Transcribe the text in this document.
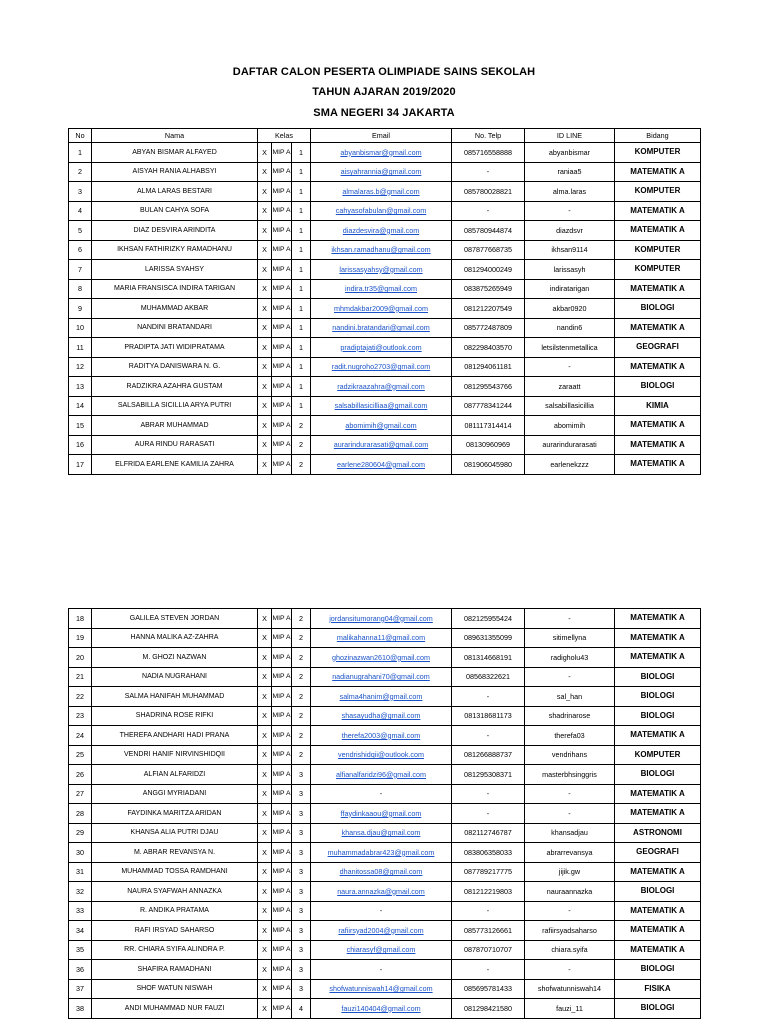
DAFTAR CALON PESERTA OLIMPIADE SAINS SEKOLAH
TAHUN AJARAN 2019/2020
SMA NEGERI 34 JAKARTA
No	Nama	Kelas			Email	No. Telp	ID LINE	Bidang
1	ABYAN BISMAR ALFAYED	X	MIP A	1	abyanbismar@gmail.com	085716558888	abyanbismar	KOMPUTER
2	AISYAH RANIA ALHABSYI	X	MIP A	1	aisyahrannia@gmail.com	-	raniaa5	MATEMATIK A
3	ALMA LARAS BESTARI	X	MIP A	1	almalaras.b@gmail.com	085780028821	alma.laras	KOMPUTER
4	BULAN CAHYA SOFA	X	MIP A	1	cahyasofabulan@gmail.com	-	-	MATEMATIK A
5	DIAZ DESVIRA ARINDITA	X	MIP A	1	diazdesvira@gmail.com	085780944874	diazdsvr	MATEMATIK A
6	IKHSAN FATHIRIZKY RAMADHANU	X	MIP A	1	ikhsan.ramadhanu@gmail.com	087877668735	ikhsan9114	KOMPUTER
7	LARISSA SYAHSY	X	MIP A	1	larissasyahsy@gmail.com	081294000249	larissasyh	KOMPUTER
8	MARIA FRANSISCA INDIRA TARIGAN	X	MIP A	1	indira.tr35@gmail.com	083875265949	indiratarigan	MATEMATIK A
9	MUHAMMAD AKBAR	X	MIP A	1	mhmdakbar2009@gmail.com	081212207549	akbar0920	BIOLOGI
10	NANDINI BRATANDARI	X	MIP A	1	nandini.bratandari@gmail.com	085772487809	nandin6	MATEMATIK A
11	PRADIPTA JATI WIDIPRATAMA	X	MIP A	1	pradiptajati@outlook.com	082298403570	letsilstenmetallica	GEOGRAFI
12	RADITYA DANISWARA N. G.	X	MIP A	1	radit.nugroho2703@gmail.com	081294061181	-	MATEMATIK A
13	RADZIKRA AZAHRA GUSTAM	X	MIP A	1	radzikraazahra@gmail.com	081295543766	zaraatt	BIOLOGI
14	SALSABILLA SICILLIA ARYA PUTRI	X	MIP A	1	salsabillasicilliaa@gmail.com	087778341244	salsabillasicillia	KIMIA
15	ABRAR MUHAMMAD	X	MIP A	2	abomimih@gmail.com	081117314414	abomimih	MATEMATIK A
16	AURA RINDU RARASATI	X	MIP A	2	aurarindurarasati@gmail.com	08130960969	aurarindurarasati	MATEMATIK A
17	ELFRIDA EARLENE KAMILIA ZAHRA	X	MIP A	2	earlene280604@gmail.com	081906045980	earlenekzzz	MATEMATIK A
18	GALILEA STEVEN JORDAN	X	MIP A	2	jordansitumorang04@gmail.com	082125955424	-	MATEMATIK A
19	HANNA MALIKA AZ-ZAHRA	X	MIP A	2	malikahanna11@gmail.com	089631355099	sitimellyna	MATEMATIK A
20	M. GHOZI NAZWAN	X	MIP A	2	ghozinazwan2610@gmail.com	081314668191	radigholu43	MATEMATIK A
21	NADIA NUGRAHANI	X	MIP A	2	nadianugrahani70@gmail.com	08568322621	-	BIOLOGI
22	SALMA HANIFAH MUHAMMAD	X	MIP A	2	salma4hanim@gmail.com	-	sal_han	BIOLOGI
23	SHADRINA ROSE RIFKI	X	MIP A	2	shasayudha@gmail.com	081318681173	shadrinarose	BIOLOGI
24	THEREFA ANDHARI HADI PRANA	X	MIP A	2	therefa2003@gmail.com	-	therefa03	MATEMATIK A
25	VENDRI HANIF NIRVINSHIDQII	X	MIP A	2	vendrishidqii@outlook.com	081266888737	vendrihans	KOMPUTER
26	ALFIAN ALFARIDZI	X	MIP A	3	alfianalfaridzi96@gmail.com	081295308371	masterbhsinggris	BIOLOGI
27	ANGGI MYRIADANI	X	MIP A	3	-	-	-	MATEMATIK A
28	FAYDINKA MARITZA ARIDAN	X	MIP A	3	ffaydinkaaou@gmail.com	-	-	MATEMATIK A
29	KHANSA ALIA PUTRI DJAU	X	MIP A	3	khansa.djau@gmail.com	082112746787	khansadjau	ASTRONOMI
30	M. ABRAR REVANSYA N.	X	MIP A	3	muhammadabrar423@gmail.com	083806358033	abrarrevansya	GEOGRAFI
31	MUHAMMAD TOSSA RAMDHANI	X	MIP A	3	dhanitossa08@gmail.com	087789217775	jijik.gw	MATEMATIK A
32	NAURA SYAFWAH ANNAZKA	X	MIP A	3	naura.annazka@gmail.com	081212219803	nauraannazka	BIOLOGI
33	R. ANDIKA PRATAMA	X	MIP A	3	-	-	-	MATEMATIK A
34	RAFI IRSYAD SAHARSO	X	MIP A	3	rafiirsyad2004@gmail.com	085773126661	rafiirsyadsaharso	MATEMATIK A
35	RR. CHIARA SYIFA ALINDRA P.	X	MIP A	3	chiarasyf@gmail.com	087870710707	chiara.syifa	MATEMATIK A
36	SHAFIRA RAMADHANI	X	MIP A	3	-	-	-	BIOLOGI
37	SHOF WATUN NISWAH	X	MIP A	3	shofwatunniswah14@gmail.com	085695781433	shofwatunniswah14	FISIKA
38	ANDI MUHAMMAD NUR FAUZI	X	MIP A	4	fauzi140404@gmail.com	081298421580	fauzi_11	BIOLOGI
